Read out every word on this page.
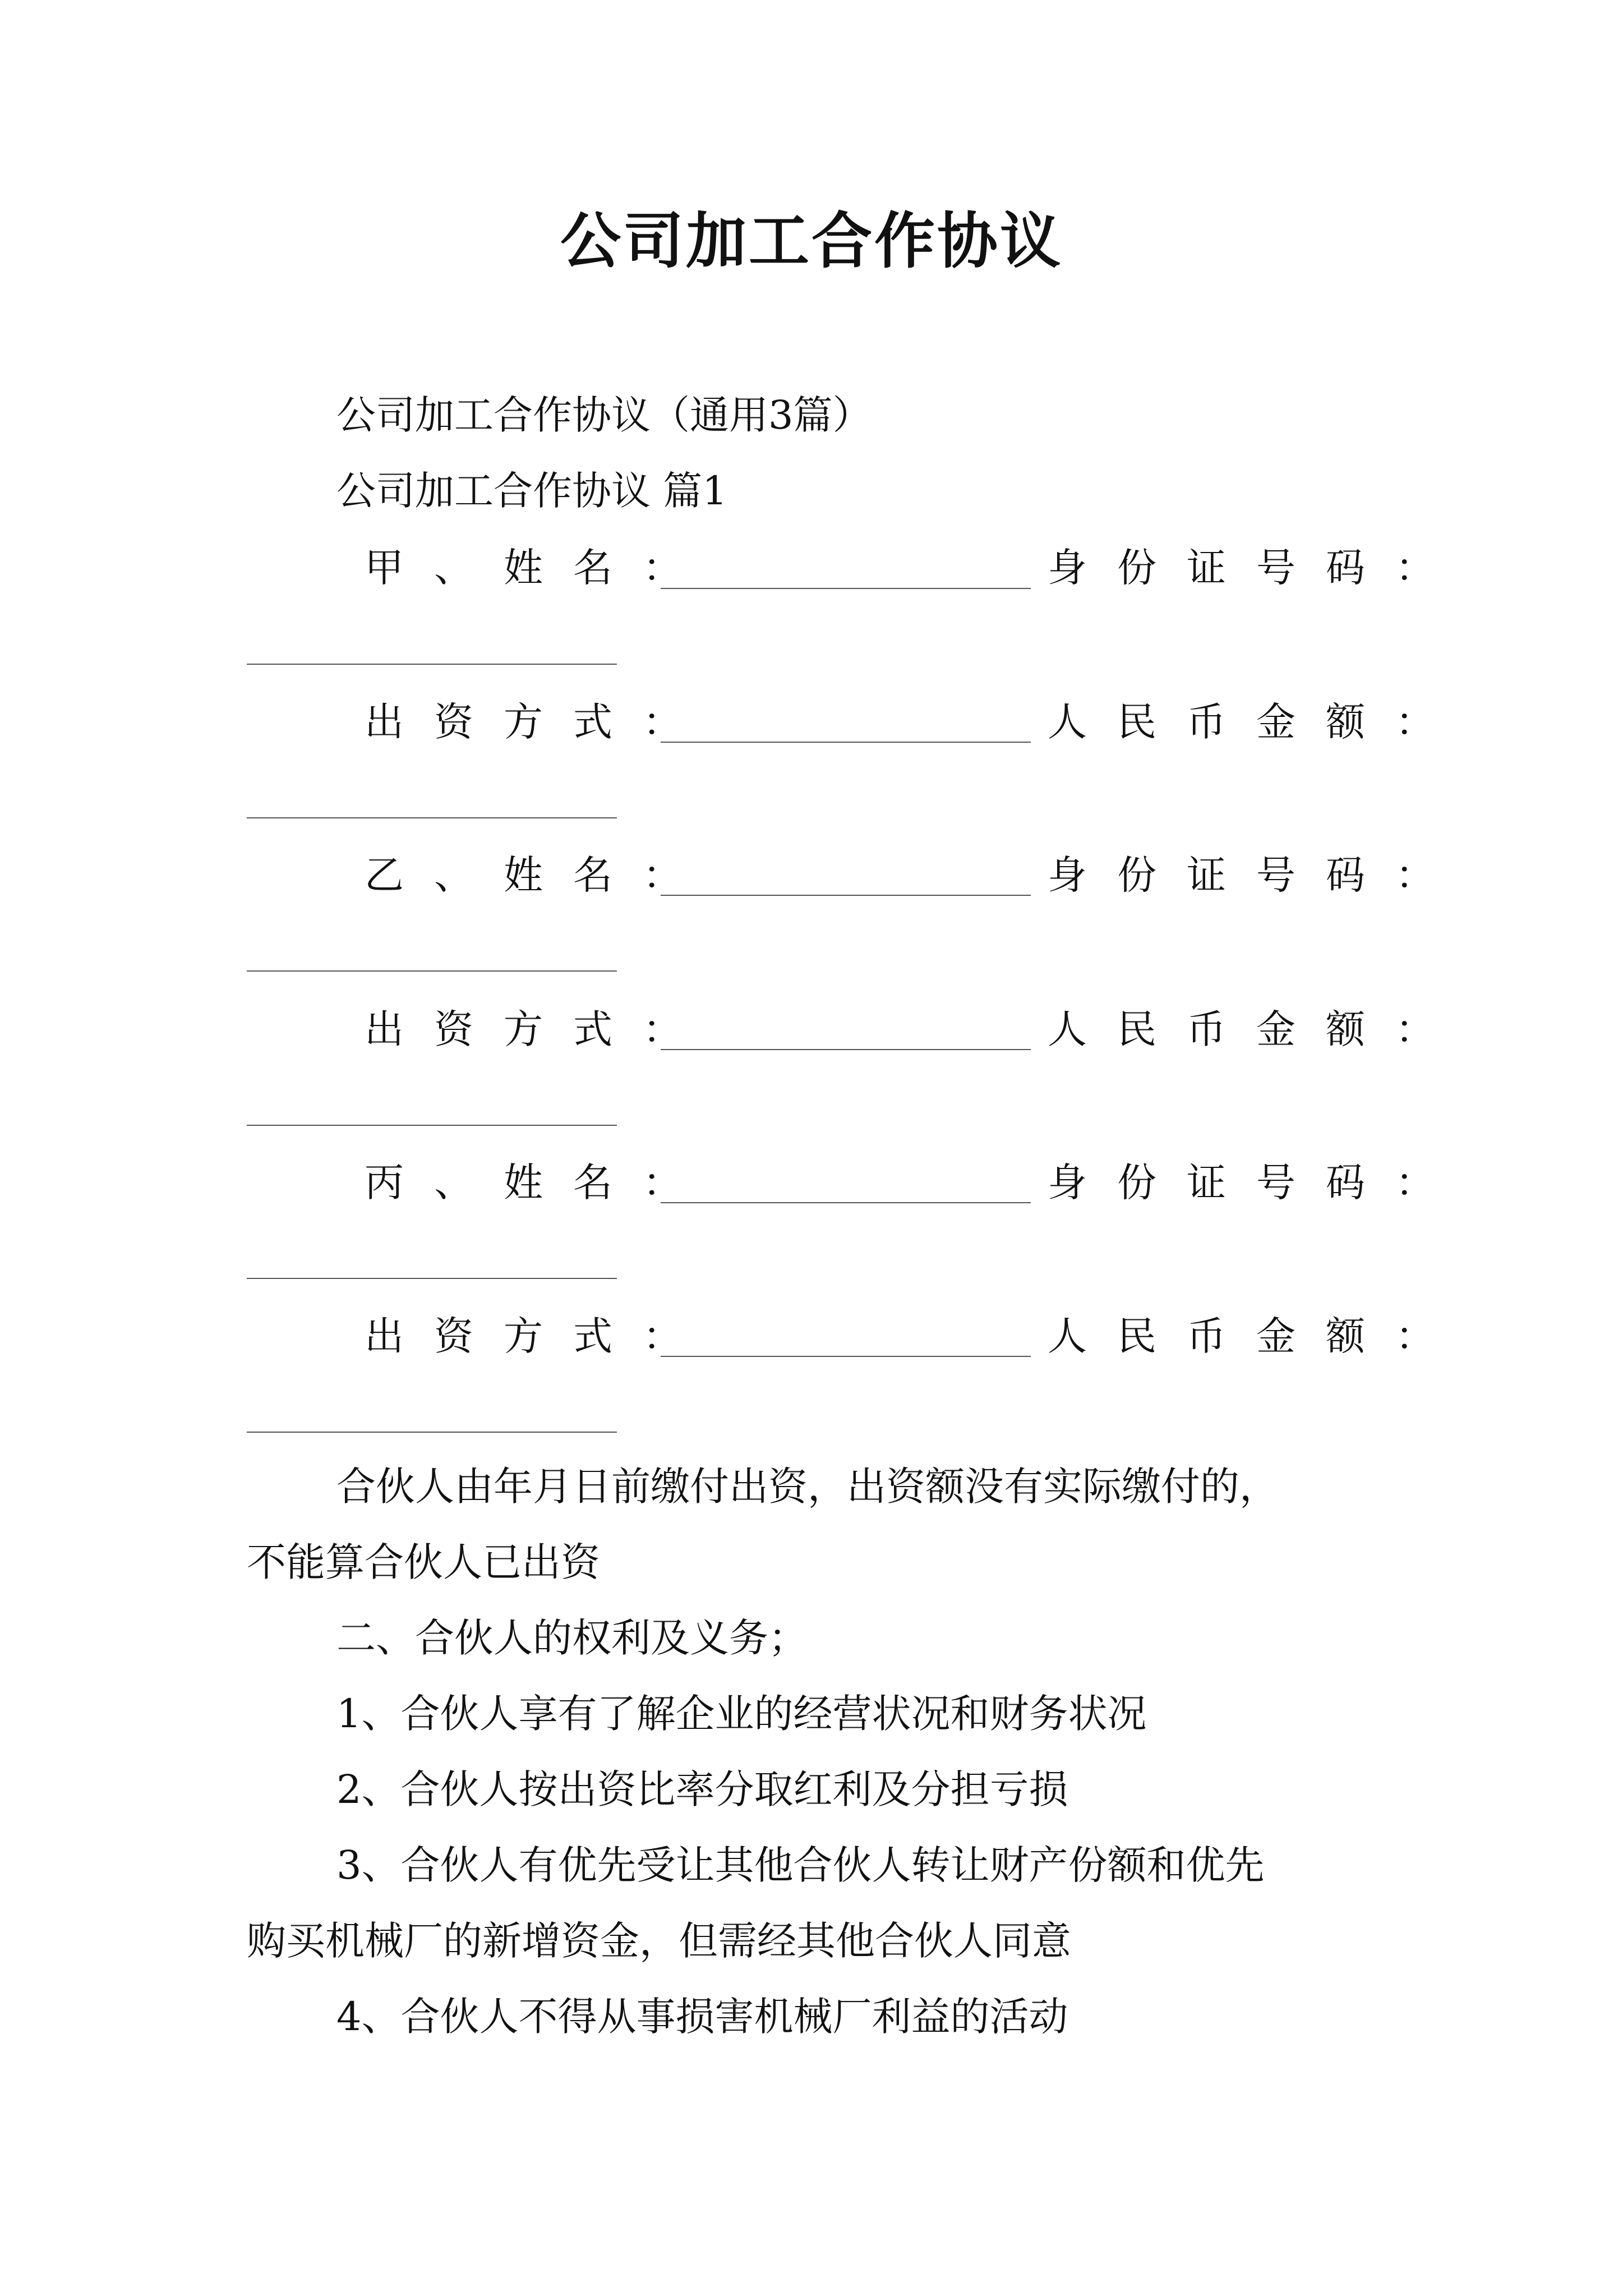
公司加工合作协议
公司加工合作协议（通用3篇）
公司加工合作协议 篇1
甲、姓名：	身份证号码：
出资方式：	人民币金额：
乙、姓名：	身份证号码：
出资方式：	人民币金额：
丙、姓名：	身份证号码：
出资方式：	人民币金额：
合伙人由年月日前缴付出资，出资额没有实际缴付的，
不能算合伙人已出资
二、合伙人的权利及义务；
1、合伙人享有了解企业的经营状况和财务状况
2、合伙人按出资比率分取红利及分担亏损
3、合伙人有优先受让其他合伙人转让财产份额和优先
购买机械厂的新增资金，但需经其他合伙人同意
4、合伙人不得从事损害机械厂利益的活动
